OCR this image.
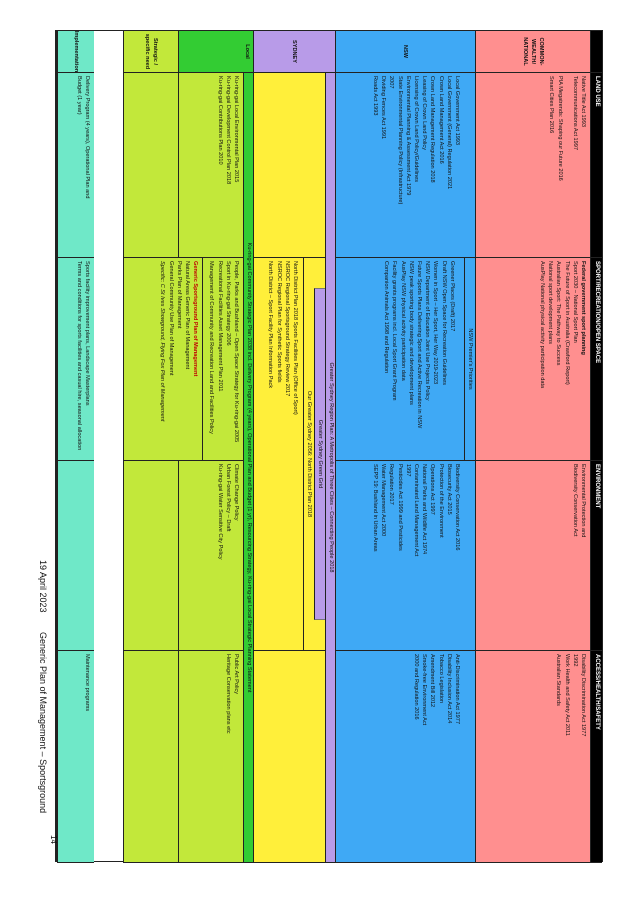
LAND USE
SPORT/RECREATION/OPEN SPACE
ENVIRONMENT
ACCESS/HEALTH/SAFETY
COMMON-WEALTH/ NATIONAL
Native Title Act 1993
Telecommunications Act 1997
PIA Megatrends: Shaping our Future 2016
Smart Cities Plan 2016
Federal government sport planning
Sport 2030 – National Sport Plan
The Future of Sport in Australia (Crawford Report)
Australian Sport: The Pathway to Success
National sport development plans
AusPlay National physical activity participation data
Environmental Protection and
Biodiversity Conservation Act
Disability Discrimination Act 1977
1992
Work Health and Safety Act 2011
Australian Standards
NSW
Local Government Act 1993
Local Government (General) Regulation 2021
Crown Land Management Act 2016
Crown Land Management Regulation 2018
Leasing of Crown Land Policy
Licensing of Crown Land Policy/Guidelines
Environmental Planning & Assessment Act 1979
State Environmental Planning Policy (Infrastructure)
2007
Dividing Fences Act 1991
Roads Act 1993
NSW Premier's Priorities
Greener Places (Draft) 2017
Draft NSW Open Space for Recreation Guidelines
Women in Sport – Her Sport, Her Way 2019-2023
NSW Department of Education Joint Use Projects Policy
Future Sports Plans Delivering Sport and Active Recreation in NSW
NSW peak sporting body strategic and development plans
AusPlay NSW physical activity participation data
Facility grants programs incl. Local Sport Grant Program
Companion Animals Act 1998 and Regulation
Biodiversity Conservation Act 2016
Biosecurity Act 2015
Protection of the Environment
Operations Act 1997
National Parks and Wildlife Act 1974
Contaminated Land Management Act
1997
Pesticides Act 1999 and Pesticides
Regulation 2017
Water Management Act 2000
SEPP 19: Bushland in Urban Areas
Anti-Discrimination Act 1977
Disability Inclusion Act 2014
Tobacco Legislation
Amendment Bill 2012
Smoke-free Environment Act
2000 and Regulation 2016
SYDNEY
Greater Sydney Region Plan: A Metropolis of Three Cities – Connecting People 2018
Greater Sydney Green Grid
Our Greater Sydney 2056: North District Plan 2018
North District Plan 2018 Sports Facilities Plan (Office of Sport)
NSROC Regional Sportsground Strategy Review 2017
NSROC Regional Plan for Synthetic Sports fields
North District – Sport Facility Plan Information Pack
Local
Ku-ring-gai Community Strategic Plan 2038 incl. Delivery Program (4 years), Operational Plan and Budget (1 yr), Resourcing Strategy, Ku-ring-gai Local Strategic Planning Statement
Ku-ring-gai Local Environmental Plan 2015
Ku-ring-gai Development Control Plan 2018
Ku-ring-gai Contributions Plan 2010
People, Parks and Bushland – Open Space Strategy for Ku-ring-gai 2005
Sport in Ku-ring-gai Strategy 2006
Recreational Facilities Asset Management Plan 2011
Management of Community and Recreation Land and Facilities Policy
Generic Sportsground Plan of Management
Natural Areas Generic Plan of Management
Parks Plan of Management
General Community Use Plan of Management
Specific: C St Ives Showground, Flying Fox Plan of Management
Climate Change Policy
Urban Forest Policy – Draft
Ku-ring-gai Water Sensitive City Policy
Public Art Policy
Heritage Conservation plans etc
Strategic / specific need
Implementation
Delivery Program (4 years), Operational Plan and
Budget (1 year)
Sports facility improvement plans, Landscape Masterplans
Terms and conditions for sports facilities and casual hire, seasonal allocation
Maintenance programs
19 April 2023
Generic Plan of Management – Sportsground
14
